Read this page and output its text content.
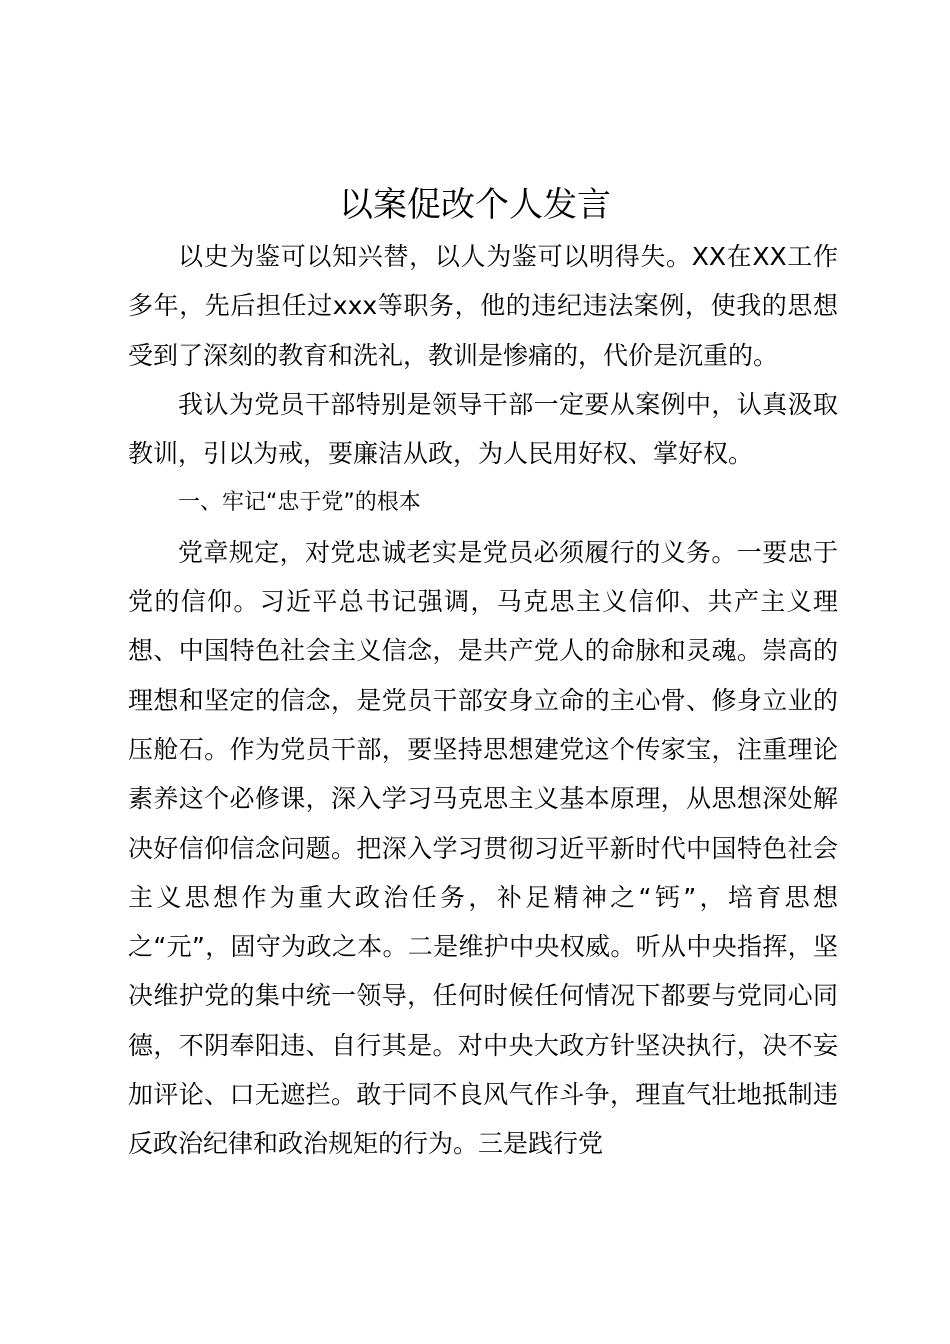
以案促改个人发言

以史为鉴可以知兴替，以人为鉴可以明得失。XX在XX工作多年，先后担任过xxx等职务，他的违纪违法案例，使我的思想受到了深刻的教育和洗礼，教训是惨痛的，代价是沉重的。

我认为党员干部特别是领导干部一定要从案例中，认真汲取教训，引以为戒，要廉洁从政，为人民用好权、掌好权。

一、牢记“忠于党”的根本

党章规定，对党忠诚老实是党员必须履行的义务。一要忠于党的信仰。习近平总书记强调，马克思主义信仰、共产主义理想、中国特色社会主义信念，是共产党人的命脉和灵魂。崇高的理想和坚定的信念，是党员干部安身立命的主心骨、修身立业的压舱石。作为党员干部，要坚持思想建党这个传家宝，注重理论素养这个必修课，深入学习马克思主义基本原理，从思想深处解决好信仰信念问题。把深入学习贯彻习近平新时代中国特色社会主义思想作为重大政治任务，补足精神之“钙”，培育思想之“元”，固守为政之本。二是维护中央权威。听从中央指挥，坚决维护党的集中统一领导，任何时候任何情况下都要与党同心同德，不阴奉阳违、自行其是。对中央大政方针坚决执行，决不妄加评论、口无遮拦。敢于同不良风气作斗争，理直气壮地抵制违反政治纪律和政治规矩的行为。三是践行党
